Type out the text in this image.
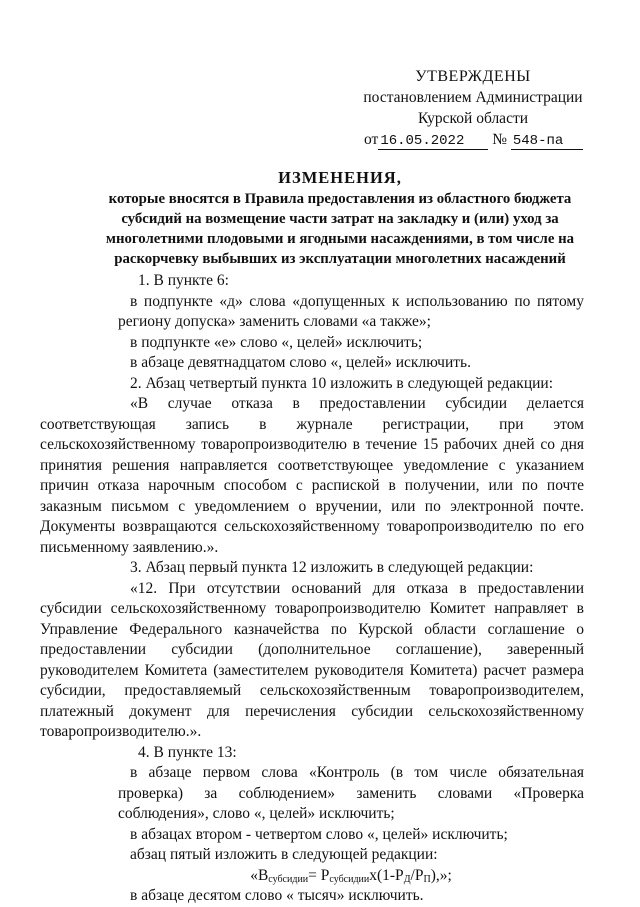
УТВЕРЖДЕНЫ
постановлением Администрации
Курской области
от 16.05.2022 № 548-па
ИЗМЕНЕНИЯ,
которые вносятся в Правила предоставления из областного бюджета субсидий на возмещение части затрат на закладку и (или) уход за многолетними плодовыми и ягодными насаждениями, в том числе на раскорчевку выбывших из эксплуатации многолетних насаждений

1. В пункте 6:

в подпункте «д» слова «допущенных к использованию по пятому региону допуска» заменить словами «а также»;

в подпункте «е» слово «, целей» исключить;

в абзаце девятнадцатом слово «, целей» исключить.

2. Абзац четвертый пункта 10 изложить в следующей редакции:

«В случае отказа в предоставлении субсидии делается соответствующая запись в журнале регистрации, при этом сельскохозяйственному товаропроизводителю в течение 15 рабочих дней со дня принятия решения направляется соответствующее уведомление с указанием причин отказа нарочным способом с распиской в получении, или по почте заказным письмом с уведомлением о вручении, или по электронной почте. Документы возвращаются сельскохозяйственному товаропроизводителю по его письменному заявлению.».

3. Абзац первый пункта 12 изложить в следующей редакции:

«12. При отсутствии оснований для отказа в предоставлении субсидии сельскохозяйственному товаропроизводителю Комитет направляет в Управление Федерального казначейства по Курской области соглашение о предоставлении субсидии (дополнительное соглашение), заверенный руководителем Комитета (заместителем руководителя Комитета) расчет размера субсидии, предоставляемый сельскохозяйственным товаропроизводителем, платежный документ для перечисления субсидии сельскохозяйственному товаропроизводителю.».

4. В пункте 13:

в абзаце первом слова «Контроль (в том числе обязательная проверка) за соблюдением» заменить словами «Проверка соблюдения», слово «, целей» исключить;

в абзацах втором - четвертом слово «, целей» исключить;

абзац пятый изложить в следующей редакции:

«$В_{субсидии}= Р_{субсидии}х(1-Р_Д/Р_П)$,»;

в абзаце десятом слово « тысяч» исключить.
